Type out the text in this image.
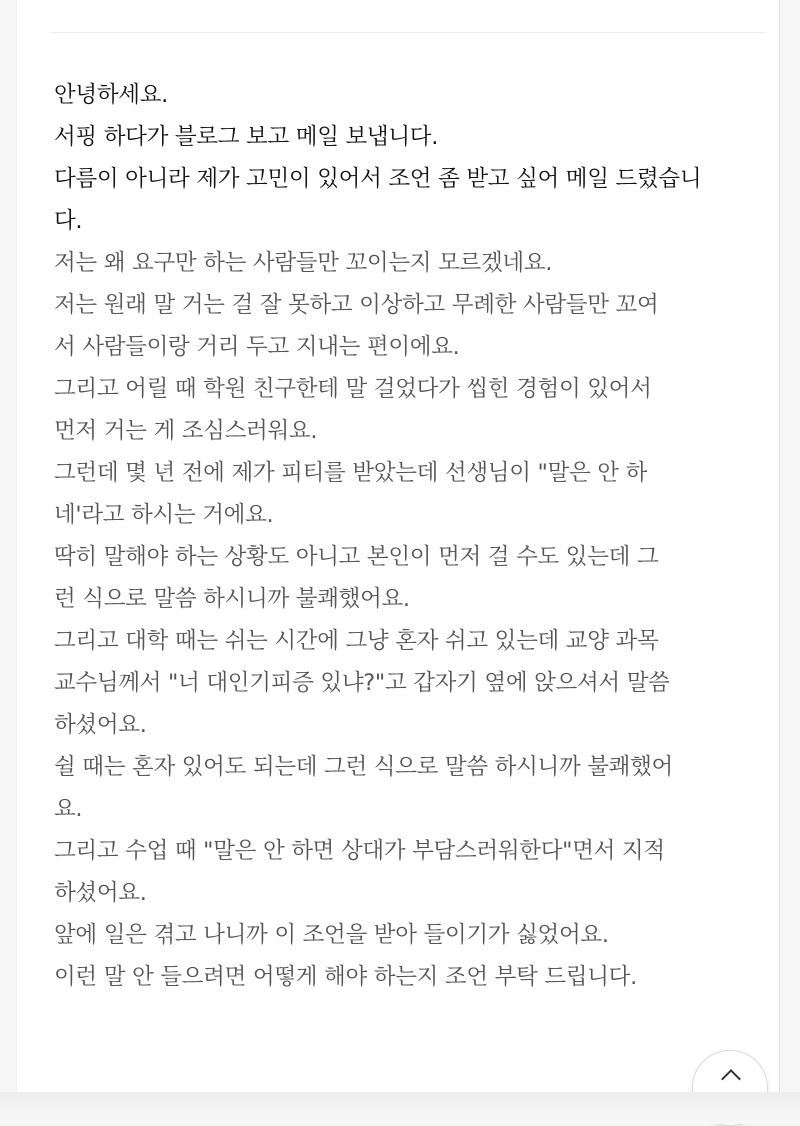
안녕하세요.
서핑 하다가 블로그 보고 메일 보냅니다.
다름이 아니라 제가 고민이 있어서 조언 좀 받고 싶어 메일 드렸습니
다.
저는 왜 요구만 하는 사람들만 꼬이는지 모르겠네요.
저는 원래 말 거는 걸 잘 못하고 이상하고 무례한 사람들만 꼬여
서 사람들이랑 거리 두고 지내는 편이에요.
그리고 어릴 때 학원 친구한테 말 걸었다가 씹힌 경험이 있어서
먼저 거는 게 조심스러워요.
그런데 몇 년 전에 제가 피티를 받았는데 선생님이 "말은 안 하
네'라고 하시는 거에요.
딱히 말해야 하는 상황도 아니고 본인이 먼저 걸 수도 있는데 그
런 식으로 말씀 하시니까 불쾌했어요.
그리고 대학 때는 쉬는 시간에 그냥 혼자 쉬고 있는데 교양 과목
교수님께서 "너 대인기피증 있냐?"고 갑자기 옆에 앉으셔서 말씀
하셨어요.
쉴 때는 혼자 있어도 되는데 그런 식으로 말씀 하시니까 불쾌했어
요.
그리고 수업 때 "말은 안 하면 상대가 부담스러워한다"면서 지적
하셨어요.
앞에 일은 겪고 나니까 이 조언을 받아 들이기가 싫었어요.
이런 말 안 들으려면 어떻게 해야 하는지 조언 부탁 드립니다.
